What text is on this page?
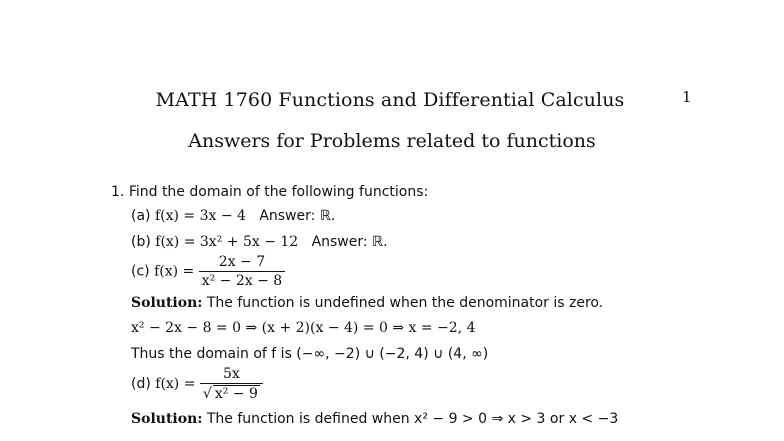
1
MATH 1760 Functions and Differential Calculus
Answers for Problems related to functions
1. Find the domain of the following functions:
(a) f(x) = 3x − 4 Answer: ℝ.
(b) f(x) = 3x² + 5x − 12 Answer: ℝ.
(c) $f(x) = \frac{2x - 7}{\text{x² − 2x − 8}}$
Solution: The function is undefined when the denominator is zero.
x² − 2x − 8 = 0 ⇒ (x + 2)(x − 4) = 0 ⇒ x = −2, 4
Thus the domain of f is (−∞, −2) ∪ (−2, 4) ∪ (4, ∞)
(d) $f(x) = \frac{5x}{\text{√ x² − 9}}$
Solution: The function is defined when x² − 9 > 0 ⇒ x > 3 or x < −3
